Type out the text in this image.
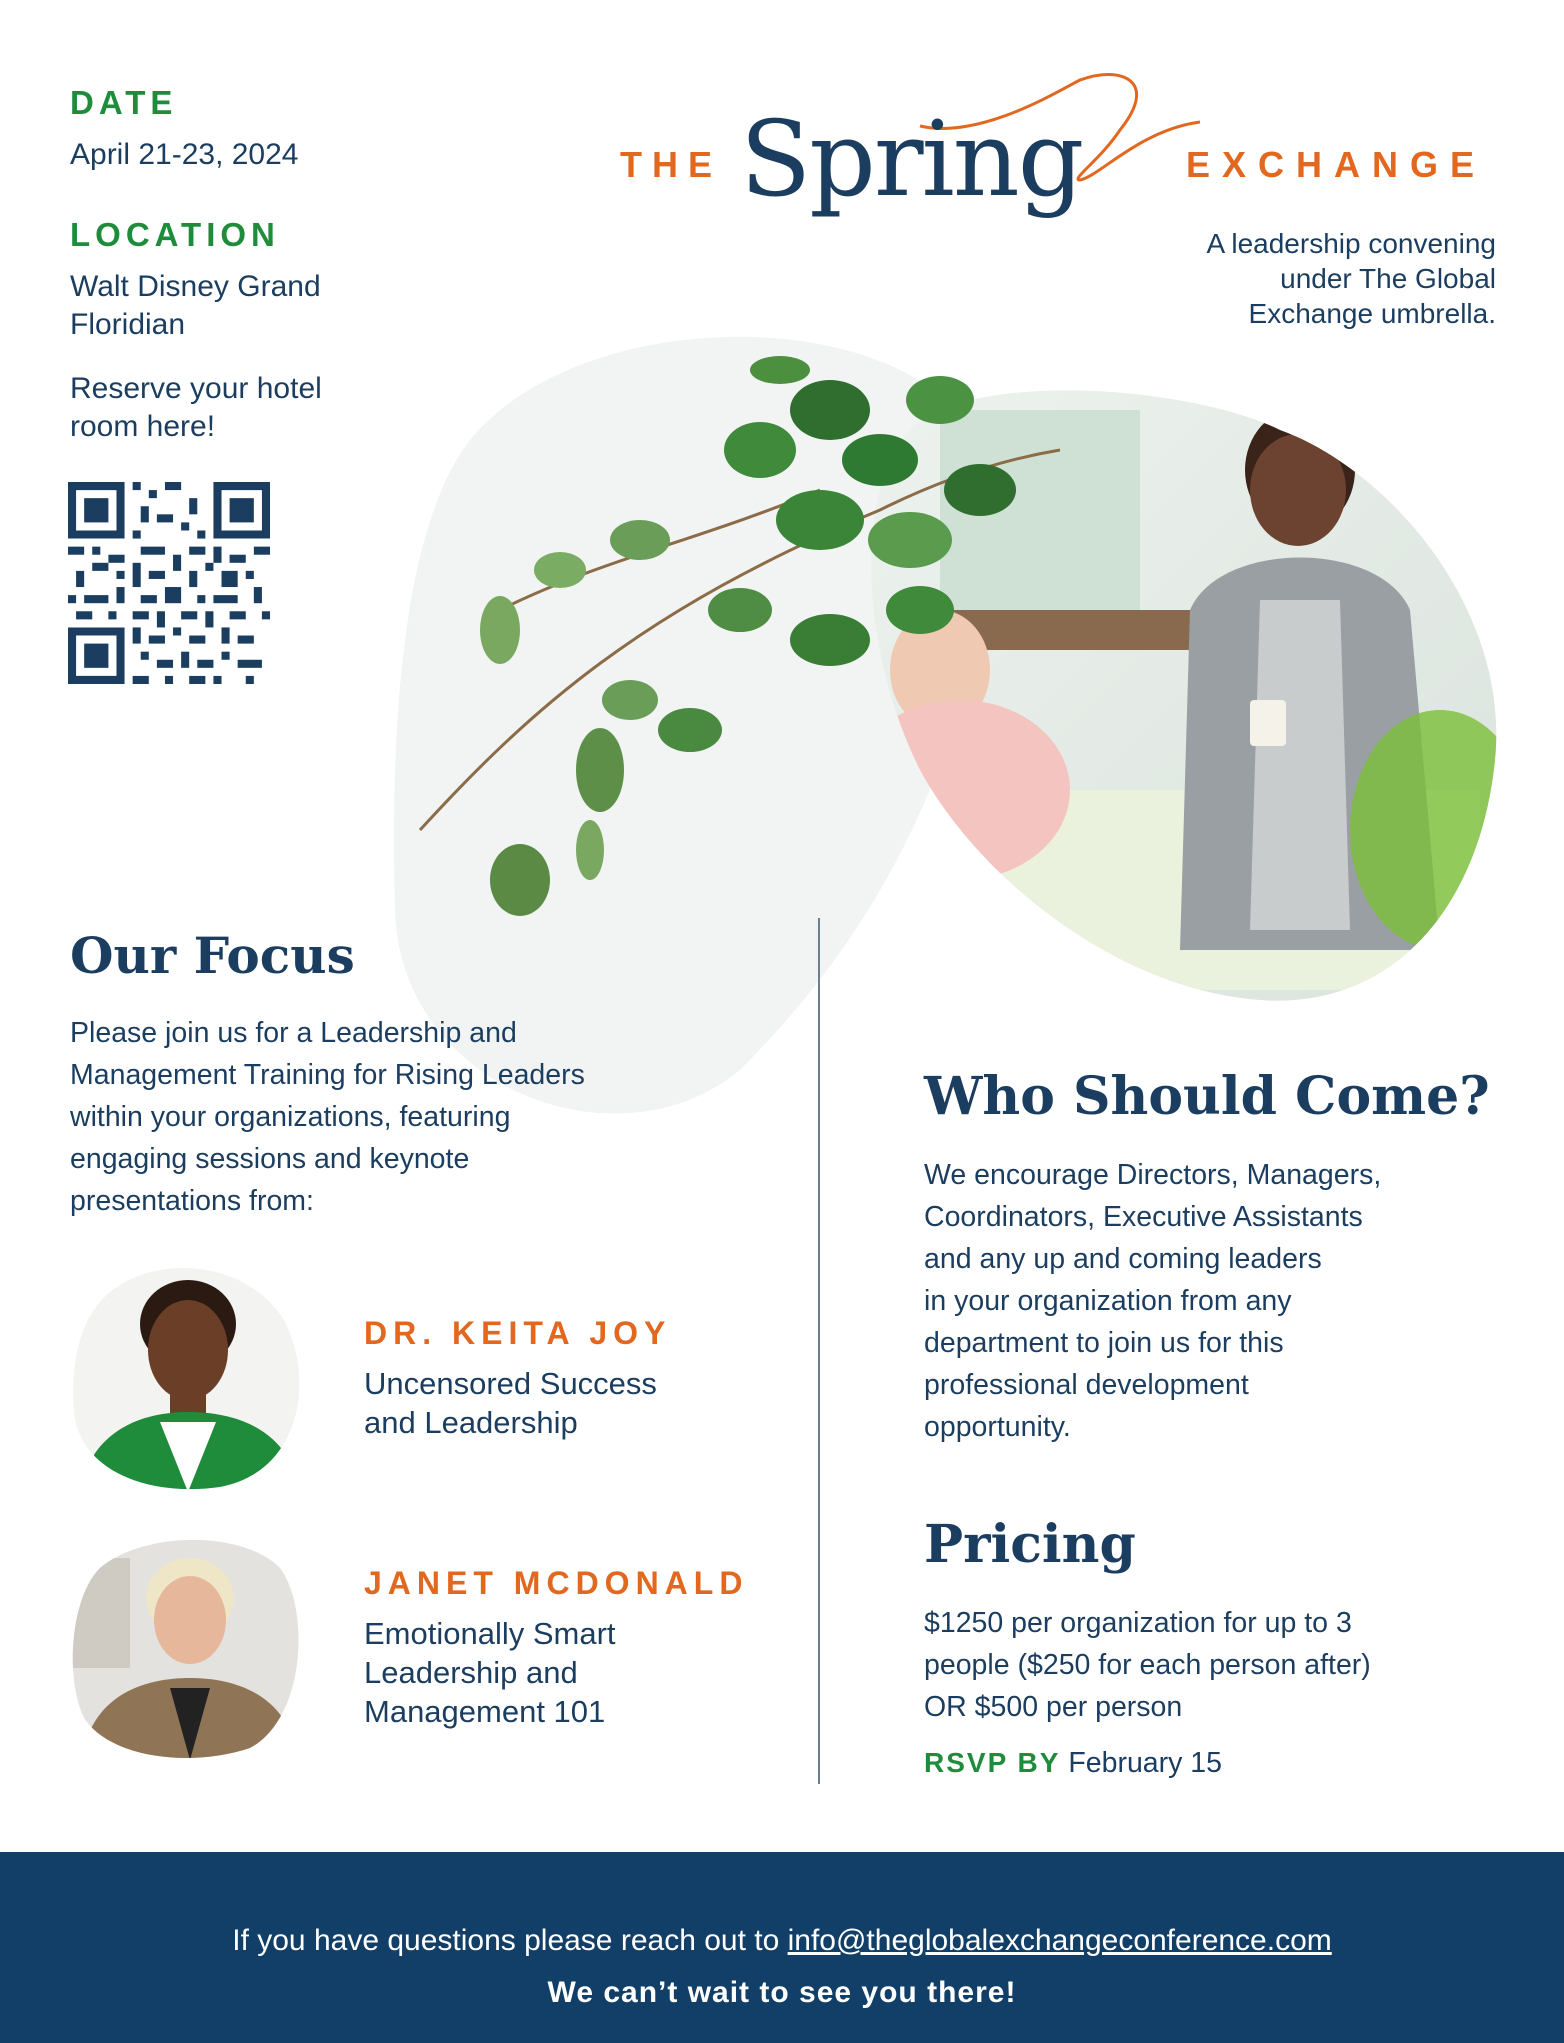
DATE
April 21-23, 2024
LOCATION
Walt Disney Grand
Floridian
Reserve your hotel
room here!
THE Spring	EXCHANGE
A leadership convening
under The Global
Exchange umbrella.
Our Focus
Please join us for a Leadership and
Management Training for Rising Leaders
within your organizations, featuring
engaging sessions and keynote
presentations from:
DR. KEITA JOY
Uncensored Success
and Leadership
JANET MCDONALD
Emotionally Smart
Leadership and
Management 101
Who Should Come?
We encourage Directors, Managers,
Coordinators, Executive Assistants
and any up and coming leaders
in your organization from any
department to join us for this
professional development
opportunity.
Pricing
$1250 per organization for up to 3
people ($250 for each person after)
OR $500 per person
RSVP BY February 15
If you have questions please reach out to info@theglobalexchangeconference.com
We can’t wait to see you there!
